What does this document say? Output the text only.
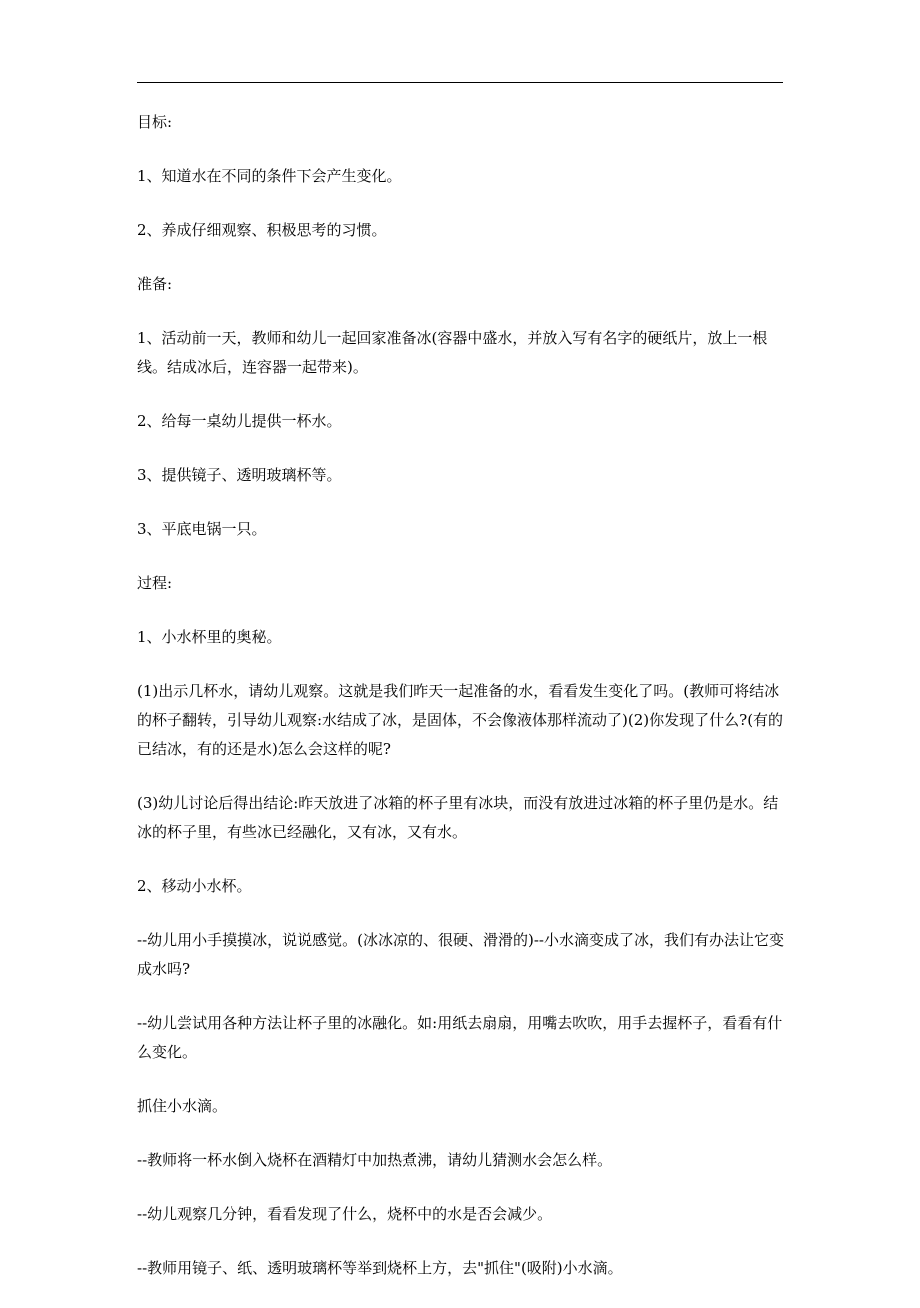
目标:

1、知道水在不同的条件下会产生变化。

2、养成仔细观察、积极思考的习惯。

准备:

1、活动前一天，教师和幼儿一起回家准备冰(容器中盛水，并放入写有名字的硬纸片，放上一根线。结成冰后，连容器一起带来)。

2、给每一桌幼儿提供一杯水。

3、提供镜子、透明玻璃杯等。

3、平底电锅一只。

过程:

1、小水杯里的奥秘。

(1)出示几杯水，请幼儿观察。这就是我们昨天一起准备的水，看看发生变化了吗。(教师可将结冰的杯子翻转，引导幼儿观察:水结成了冰，是固体，不会像液体那样流动了)(2)你发现了什么?(有的已结冰，有的还是水)怎么会这样的呢?

(3)幼儿讨论后得出结论:昨天放进了冰箱的杯子里有冰块，而没有放进过冰箱的杯子里仍是水。结冰的杯子里，有些冰已经融化，又有冰，又有水。

2、移动小水杯。

--幼儿用小手摸摸冰，说说感觉。(冰冰凉的、很硬、滑滑的)--小水滴变成了冰，我们有办法让它变成水吗?

--幼儿尝试用各种方法让杯子里的冰融化。如:用纸去扇扇，用嘴去吹吹，用手去握杯子，看看有什么变化。

抓住小水滴。

--教师将一杯水倒入烧杯在酒精灯中加热煮沸，请幼儿猜测水会怎么样。

--幼儿观察几分钟，看看发现了什么，烧杯中的水是否会减少。

--教师用镜子、纸、透明玻璃杯等举到烧杯上方，去"抓住"(吸附)小水滴。
